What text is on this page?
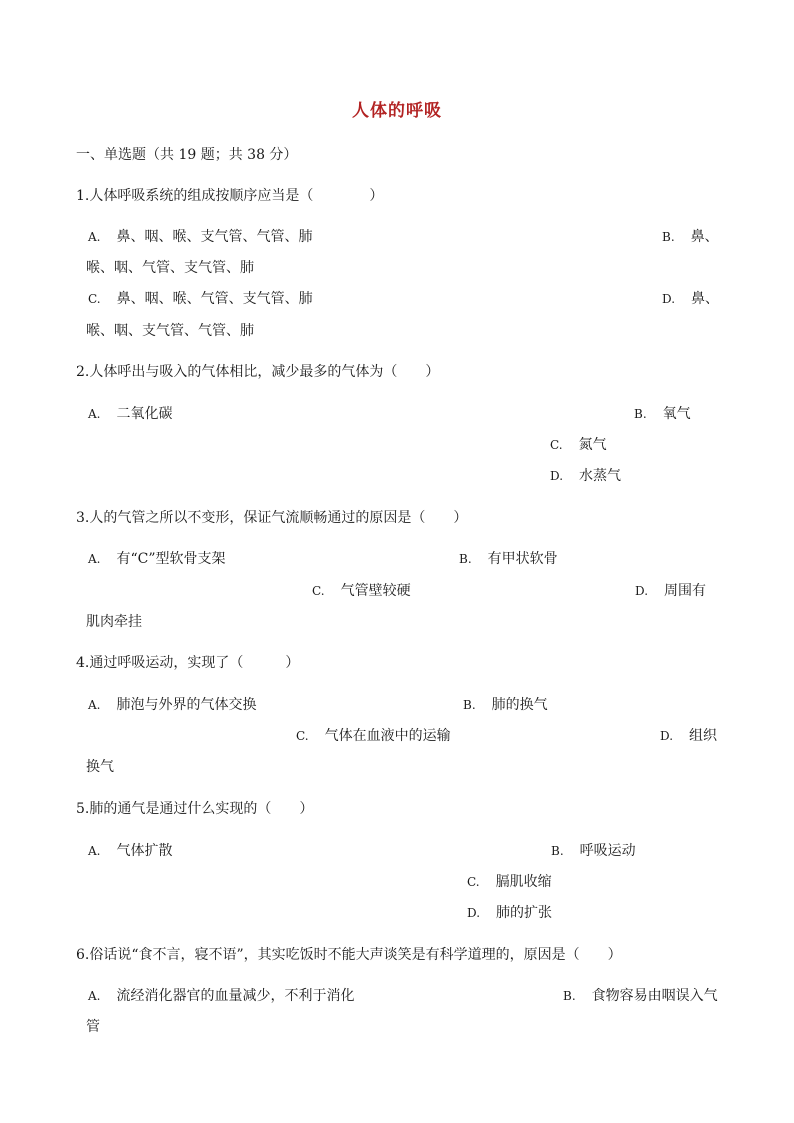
人体的呼吸
一、单选题（共 19 题；共 38 分）
1.人体呼吸系统的组成按顺序应当是（　　　　）
A. 鼻、咽、喉、支气管、气管、肺	B. 鼻、
喉、咽、气管、支气管、肺
C. 鼻、咽、喉、气管、支气管、肺	D. 鼻、
喉、咽、支气管、气管、肺
2.人体呼出与吸入的气体相比，减少最多的气体为（　　）
A. 二氧化碳	B. 氧气
C. 氮气
D. 水蒸气
3.人的气管之所以不变形，保证气流顺畅通过的原因是（　　）
A. 有“C”型软骨支架	B. 有甲状软骨
C. 气管壁较硬	D. 周围有
肌肉牵挂
4.通过呼吸运动，实现了（　　　）
A. 肺泡与外界的气体交换	B. 肺的换气
C. 气体在血液中的运输	D. 组织
换气
5.肺的通气是通过什么实现的（　　）
A. 气体扩散	B. 呼吸运动
C. 膈肌收缩
D. 肺的扩张
6.俗话说“食不言，寝不语”，其实吃饭时不能大声谈笑是有科学道理的，原因是（　　）
A. 流经消化器官的血量减少，不利于消化	B. 食物容易由咽误入气
管
